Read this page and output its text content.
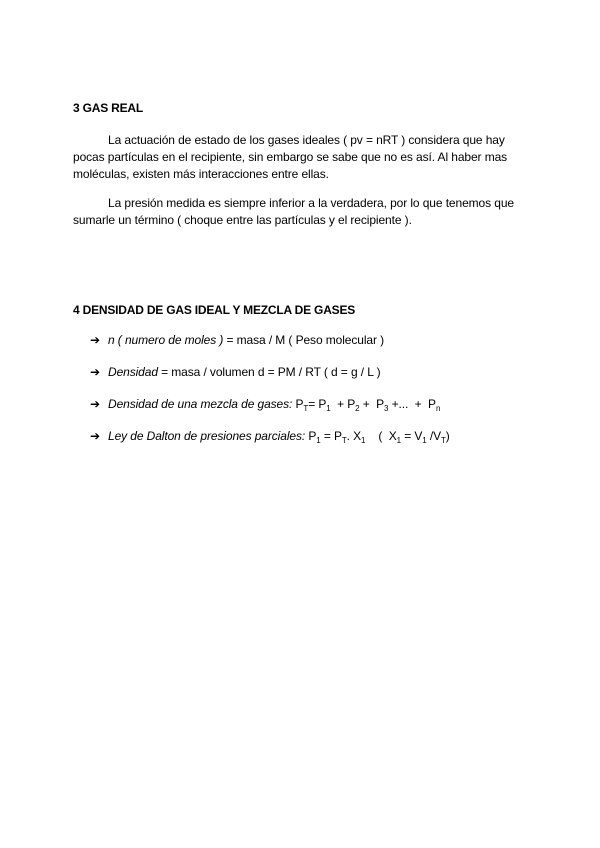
3 GAS REAL
La actuación de estado de los gases ideales ( pv = nRT ) considera que hay
pocas partículas en el recipiente, sin embargo se sabe que no es así. Al haber mas
moléculas, existen más interacciones entre ellas.
La presión medida es siempre inferior a la verdadera, por lo que tenemos que
sumarle un término ( choque entre las partículas y el recipiente ).
4 DENSIDAD DE GAS IDEAL Y MEZCLA DE GASES
➔ n ( numero de moles ) = masa / M ( Peso molecular )
➔ Densidad = masa / volumen d = PM / RT ( d = g / L )
➔ Densidad de una mezcla de gases: $P_T= P_1 + P_2 + P_3$ +...  +  $P_n$
➔ Ley de Dalton de presiones parciales: $P_1 = P_T$. $X_1$    (  $X_1 = V_1$ $/V_T$)
